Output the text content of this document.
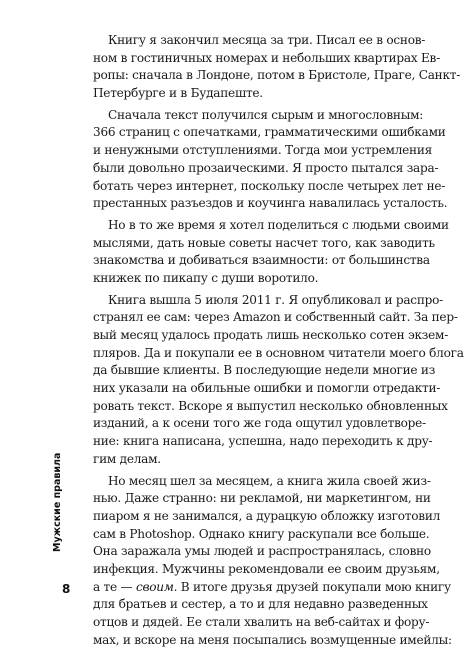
Книгу я закончил месяца за три. Писал ее в основ-
ном в гостиничных номерах и небольших квартирах Ев-
ропы: сначала в Лондоне, потом в Бристоле, Праге, Санкт-
Петербурге и в Будапеште.
Сначала текст получился сырым и многословным:
366 страниц с опечатками, грамматическими ошибками
и ненужными отступлениями. Тогда мои устремления
были довольно прозаическими. Я просто пытался зара-
ботать через интернет, поскольку после четырех лет не-
престанных разъездов и коучинга навалилась усталость.
Но в то же время я хотел поделиться с людьми своими
мыслями, дать новые советы насчет того, как заводить
знакомства и добиваться взаимности: от большинства
книжек по пикапу с души воротило.
Книга вышла 5 июля 2011 г. Я опубликовал и распро-
странял ее сам: через Amazon и собственный сайт. За пер-
вый месяц удалось продать лишь несколько сотен экзем-
пляров. Да и покупали ее в основном читатели моего блога
да бывшие клиенты. В последующие недели многие из
них указали на обильные ошибки и помогли отредакти-
ровать текст. Вскоре я выпустил несколько обновленных
изданий, а к осени того же года ощутил удовлетворе-
ние: книга написана, успешна, надо переходить к дру-
гим делам.
Но месяц шел за месяцем, а книга жила своей жиз-
нью. Даже странно: ни рекламой, ни маркетингом, ни
пиаром я не занимался, а дурацкую обложку изготовил
сам в Photoshop. Однако книгу раскупали все больше.
Она заражала умы людей и распространялась, словно
инфекция. Мужчины рекомендовали ее своим друзьям,
а те — своим. В итоге друзья друзей покупали мою книгу
для братьев и сестер, а то и для недавно разведенных
отцов и дядей. Ее стали хвалить на веб-сайтах и фору-
мах, и вскоре на меня посыпались возмущенные имейлы:
Мужские правила
8
